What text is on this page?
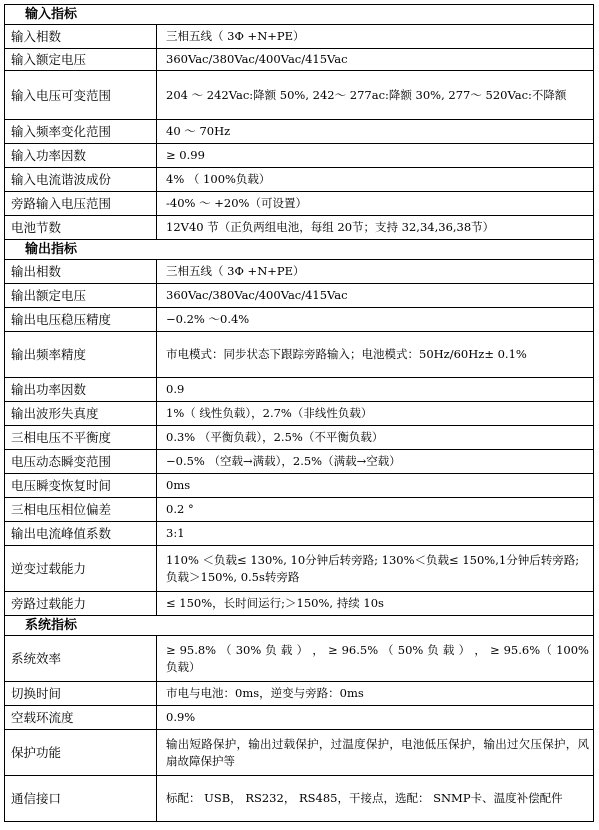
输入指标	
输入相数	三相五线（ 3Φ +N+PE）
输入额定电压	360Vac/380Vac/400Vac/415Vac
输入电压可变范围	204 ～ 242Vac:降额 50%, 242～ 277ac:降额 30%, 277～ 520Vac:不降额
输入频率变化范围	40 ～ 70Hz
输入功率因数	≥ 0.99
输入电流谐波成份	4% （ 100%负载）
旁路输入电压范围	-40% ～ +20%（可设置）
电池节数	12V40 节（正负两组电池，每组 20节；支持 32,34,36,38节）
输出指标	
输出相数	三相五线（ 3Φ +N+PE）
输出额定电压	360Vac/380Vac/400Vac/415Vac
输出电压稳压精度	−0.2% ～0.4%
输出频率精度	市电模式：同步状态下跟踪旁路输入；电池模式：50Hz/60Hz± 0.1%
输出功率因数	0.9
输出波形失真度	1%（ 线性负载），2.7%（非线性负载）
三相电压不平衡度	0.3% （平衡负载），2.5%（不平衡负载）
电压动态瞬变范围	−0.5% （空载→满载），2.5%（满载→空载）
电压瞬变恢复时间	0ms
三相电压相位偏差	0.2 °
输出电流峰值系数	3:1
逆变过载能力	110% ＜负载≤ 130%, 10分钟后转旁路; 130%＜负载≤ 150%,1分钟后转旁路;负载＞150%, 0.5s转旁路
旁路过载能力	≤ 150%，长时间运行;＞150%, 持续 10s
系统指标	
系统效率	≥ 95.8% （ 30% 负 载 ） ， ≥ 96.5% （ 50% 负 载 ） ， ≥ 95.6%（ 100%负载）
切换时间	市电与电池：0ms，逆变与旁路：0ms
空载环流度	0.9%
保护功能	输出短路保护，输出过载保护，过温度保护，电池低压保护，输出过欠压保护，风扇故障保护等
通信接口	标配： USB， RS232， RS485，干接点，选配： SNMP卡、温度补偿配件
